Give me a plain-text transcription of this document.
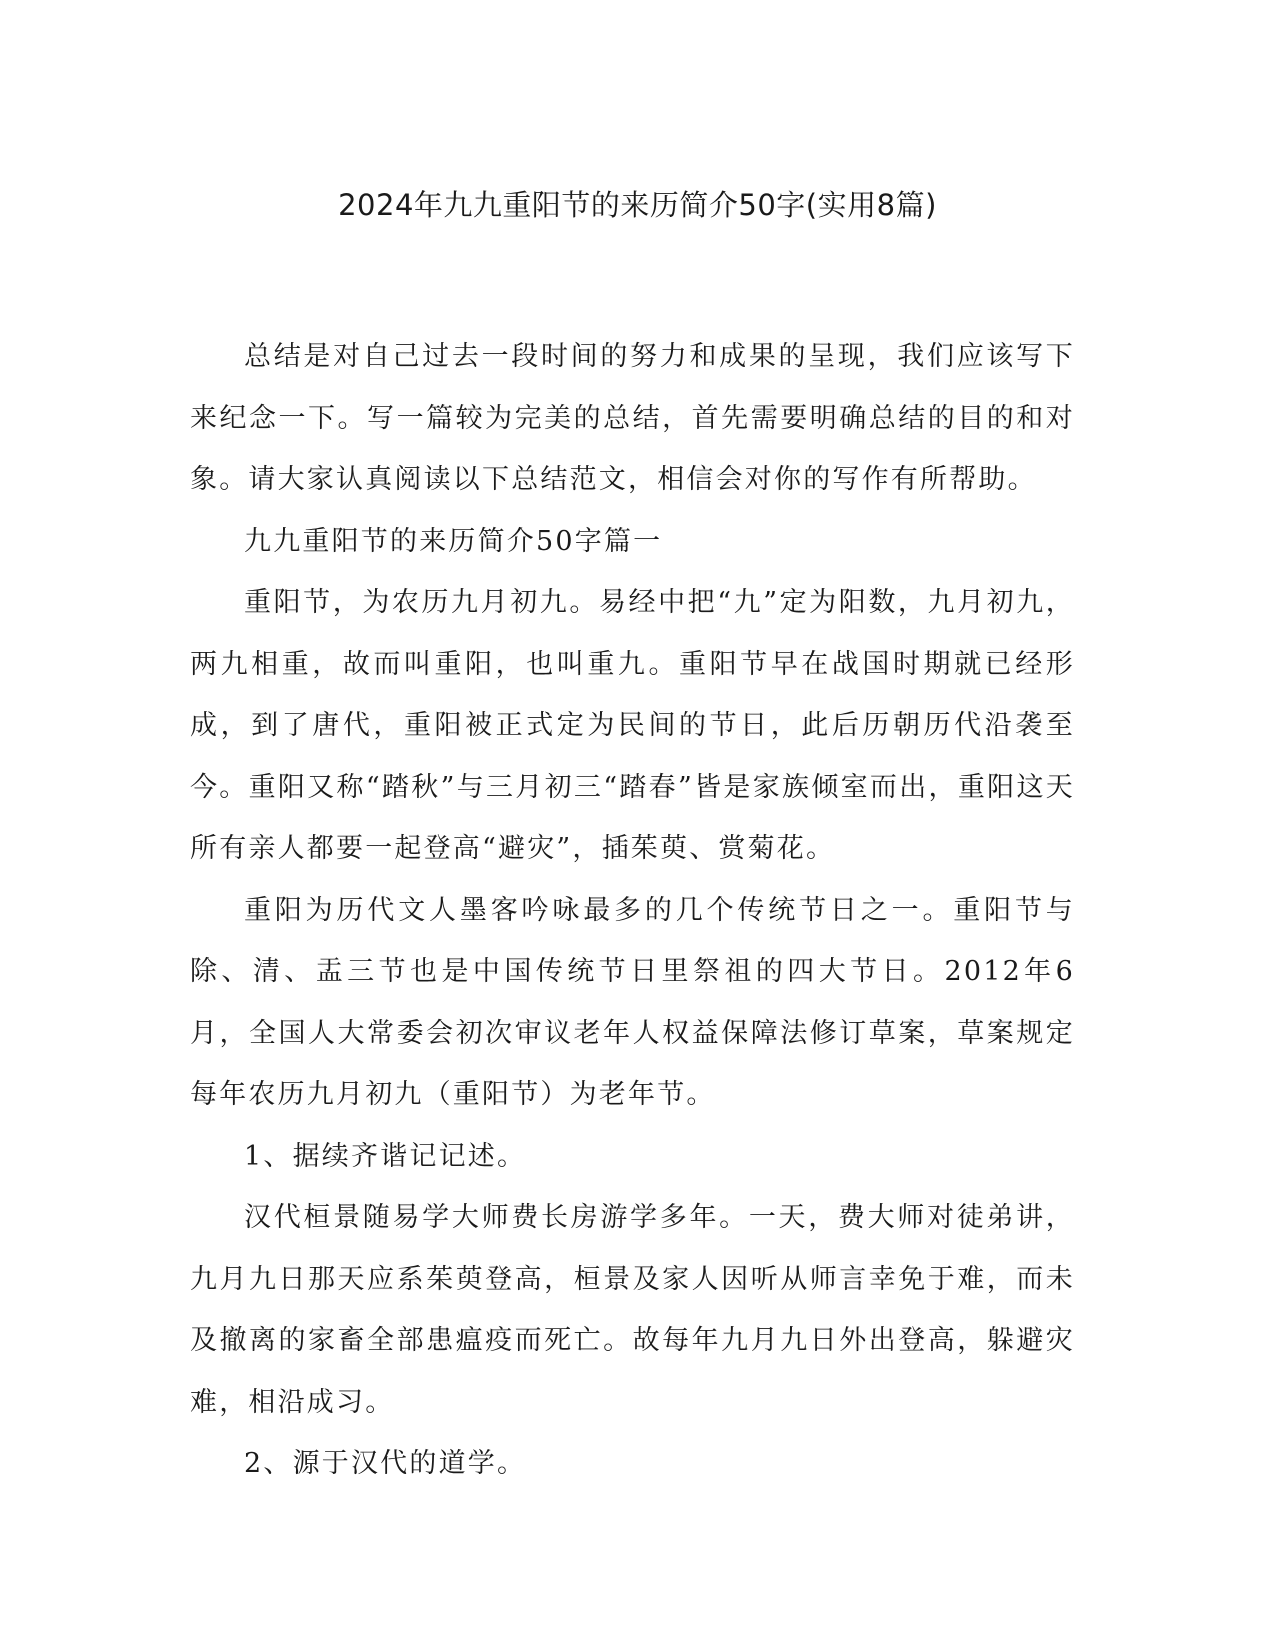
2024年九九重阳节的来历简介50字(实用8篇)

总结是对自己过去一段时间的努力和成果的呈现，我们应该写下来纪念一下。写一篇较为完美的总结，首先需要明确总结的目的和对象。请大家认真阅读以下总结范文，相信会对你的写作有所帮助。

九九重阳节的来历简介50字篇一

重阳节，为农历九月初九。易经中把“九”定为阳数，九月初九，两九相重，故而叫重阳，也叫重九。重阳节早在战国时期就已经形成，到了唐代，重阳被正式定为民间的节日，此后历朝历代沿袭至今。重阳又称“踏秋”与三月初三“踏春”皆是家族倾室而出，重阳这天所有亲人都要一起登高“避灾”，插茱萸、赏菊花。

重阳为历代文人墨客吟咏最多的几个传统节日之一。重阳节与除、清、盂三节也是中国传统节日里祭祖的四大节日。2012年6月，全国人大常委会初次审议老年人权益保障法修订草案，草案规定每年农历九月初九（重阳节）为老年节。

1、据续齐谐记记述。

汉代桓景随易学大师费长房游学多年。一天，费大师对徒弟讲，九月九日那天应系茱萸登高，桓景及家人因听从师言幸免于难，而未及撤离的家畜全部患瘟疫而死亡。故每年九月九日外出登高，躲避灾难，相沿成习。

2、源于汉代的道学。
